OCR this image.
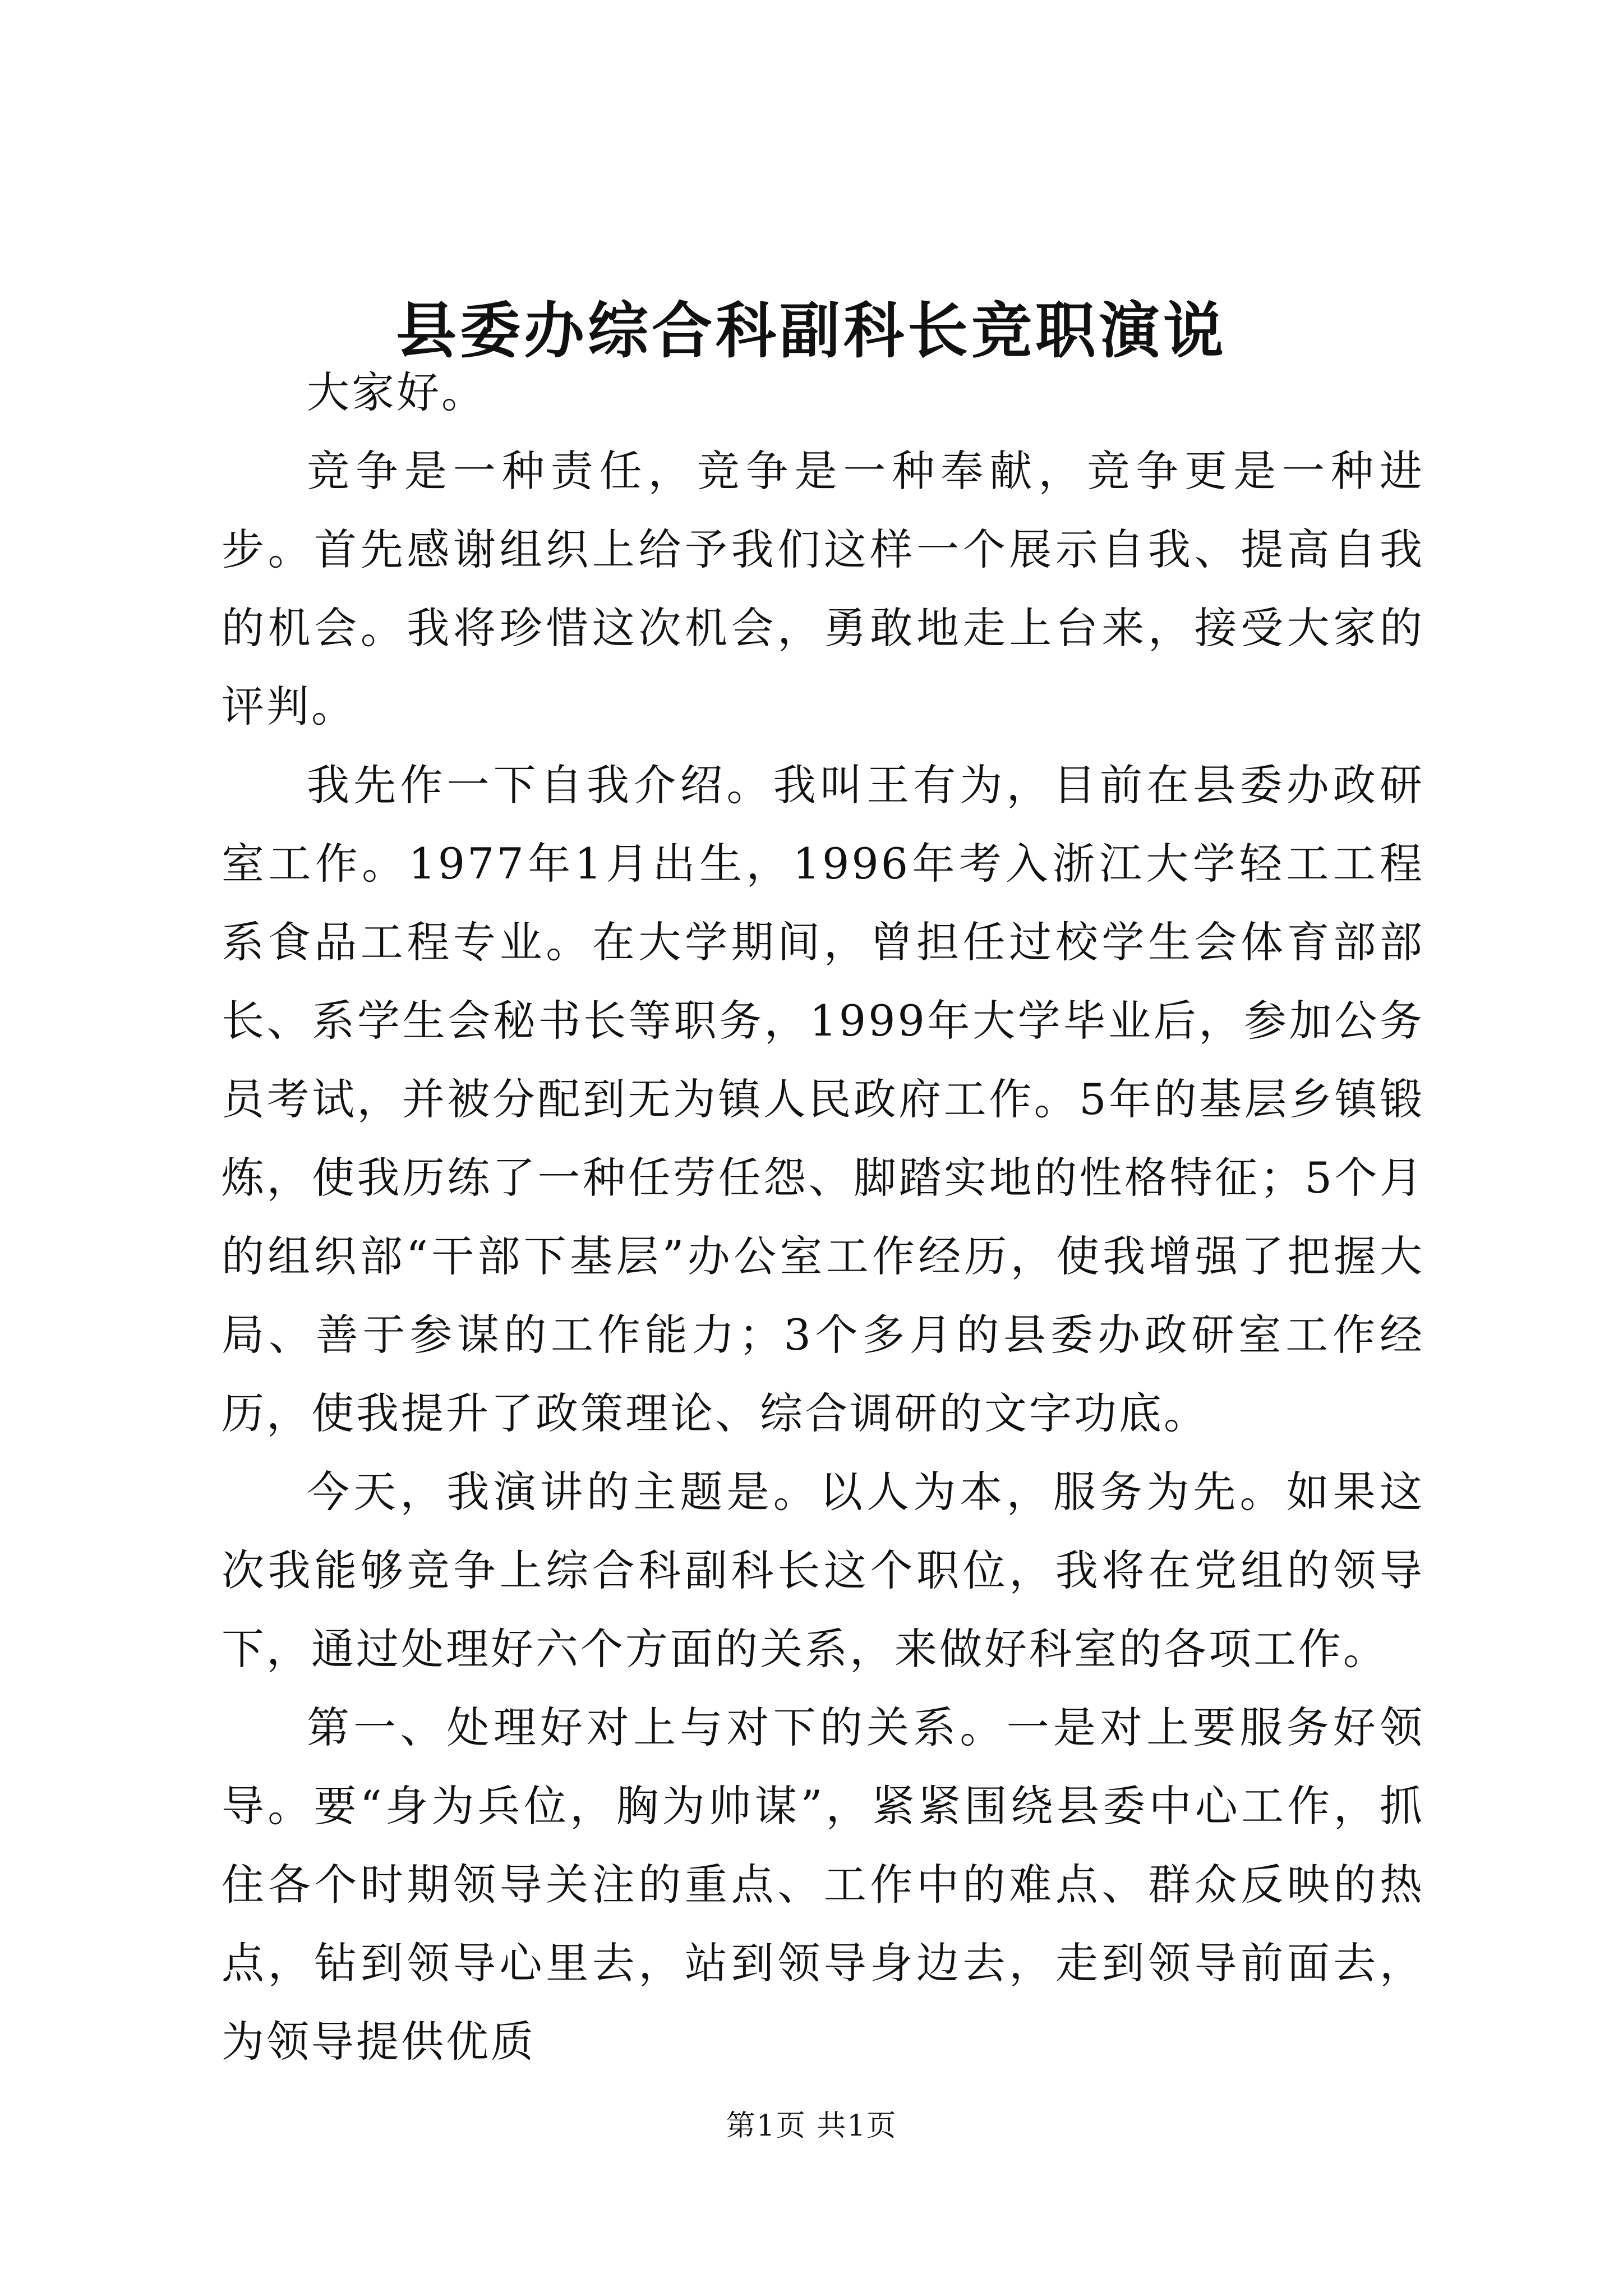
县委办综合科副科长竞职演说

大家好。

竞争是一种责任，竞争是一种奉献，竞争更是一种进步。首先感谢组织上给予我们这样一个展示自我、提高自我的机会。我将珍惜这次机会，勇敢地走上台来，接受大家的评判。

我先作一下自我介绍。我叫王有为，目前在县委办政研室工作。1977年1月出生，1996年考入浙江大学轻工工程系食品工程专业。在大学期间，曾担任过校学生会体育部部长、系学生会秘书长等职务，1999年大学毕业后，参加公务员考试，并被分配到无为镇人民政府工作。5年的基层乡镇锻炼，使我历练了一种任劳任怨、脚踏实地的性格特征；5个月的组织部“干部下基层”办公室工作经历，使我增强了把握大局、善于参谋的工作能力；3个多月的县委办政研室工作经历，使我提升了政策理论、综合调研的文字功底。

今天，我演讲的主题是。以人为本，服务为先。如果这次我能够竞争上综合科副科长这个职位，我将在党组的领导下，通过处理好六个方面的关系，来做好科室的各项工作。

第一、处理好对上与对下的关系。一是对上要服务好领导。要“身为兵位，胸为帅谋”，紧紧围绕县委中心工作，抓住各个时期领导关注的重点、工作中的难点、群众反映的热点，钻到领导心里去，站到领导身边去，走到领导前面去，为领导提供优质

第1页 共1页
